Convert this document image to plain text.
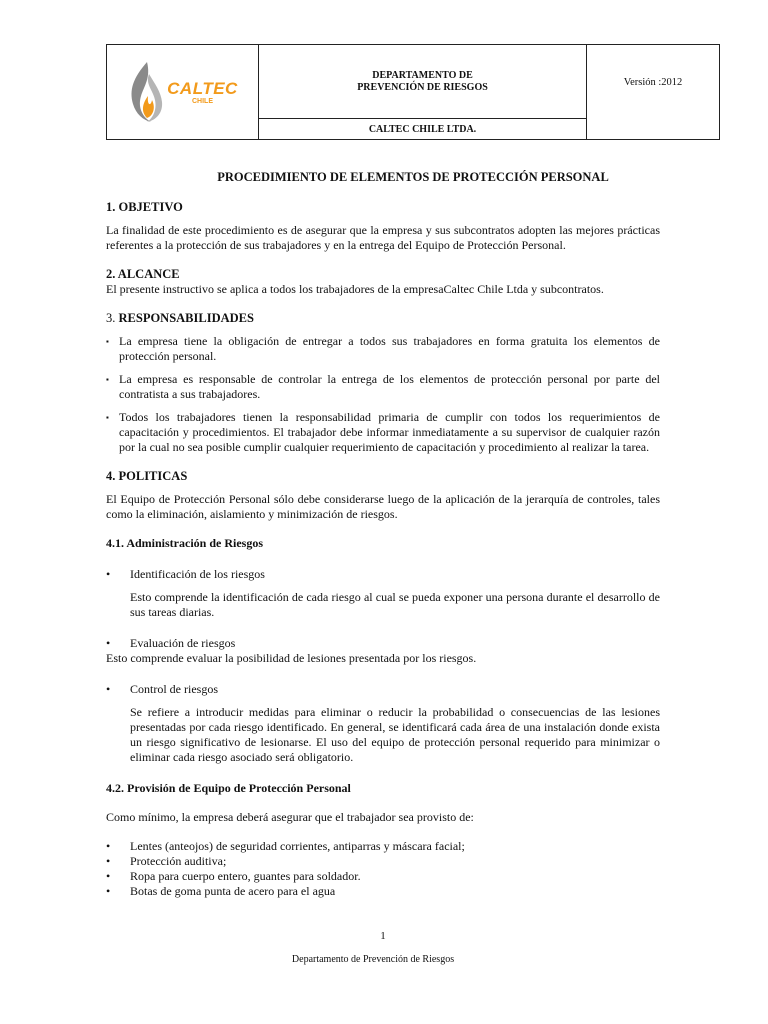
CALTEC
CHILE

DEPARTAMENTO DE
PREVENCIÓN DE RIESGOS	Versión :2012
CALTEC CHILE LTDA.
PROCEDIMIENTO DE ELEMENTOS DE PROTECCIÓN PERSONAL
1. OBJETIVO

La finalidad de este procedimiento es de asegurar que la empresa y sus subcontratos adopten las mejores prácticas referentes a la protección de sus trabajadores y en la entrega del Equipo de Protección Personal.

2. ALCANCE

El presente instructivo se aplica a todos los trabajadores de la empresaCaltec Chile Ltda y subcontratos.

3. RESPONSABILIDADES
▪ La empresa tiene la obligación de entregar a todos sus trabajadores en forma gratuita los elementos de protección personal.
▪ La empresa es responsable de controlar la entrega de los elementos de protección personal por parte del contratista a sus trabajadores.
▪ Todos los trabajadores tienen la responsabilidad primaria de cumplir con todos los requerimientos de capacitación y procedimientos. El trabajador debe informar inmediatamente a su supervisor de cualquier razón por la cual no sea posible cumplir cualquier requerimiento de capacitación y procedimiento al realizar la tarea.
4. POLITICAS

El Equipo de Protección Personal sólo debe considerarse luego de la aplicación de la jerarquía de controles, tales como la eliminación, aislamiento y minimización de riesgos.

4.1. Administración de Riesgos
•	Identificación de los riesgos

Esto comprende la identificación de cada riesgo al cual se pueda exponer una persona durante el desarrollo de sus tareas diarias.

•	Evaluación de riesgos

Esto comprende evaluar la posibilidad de lesiones presentada por los riesgos.

•	Control de riesgos

Se refiere a introducir medidas para eliminar o reducir la probabilidad o consecuencias de las lesiones presentadas por cada riesgo identificado. En general, se identificará cada área de una instalación donde exista un riesgo significativo de lesionarse. El uso del equipo de protección personal requerido para minimizar o eliminar cada riesgo asociado será obligatorio.

4.2. Provisión de Equipo de Protección Personal

Como mínimo, la empresa deberá asegurar que el trabajador sea provisto de:

•	Lentes (anteojos) de seguridad corrientes, antiparras y máscara facial;
•	Protección auditiva;
•	Ropa para cuerpo entero, guantes para soldador.
•	Botas de goma punta de acero para el agua
1
Departamento de Prevención de Riesgos
